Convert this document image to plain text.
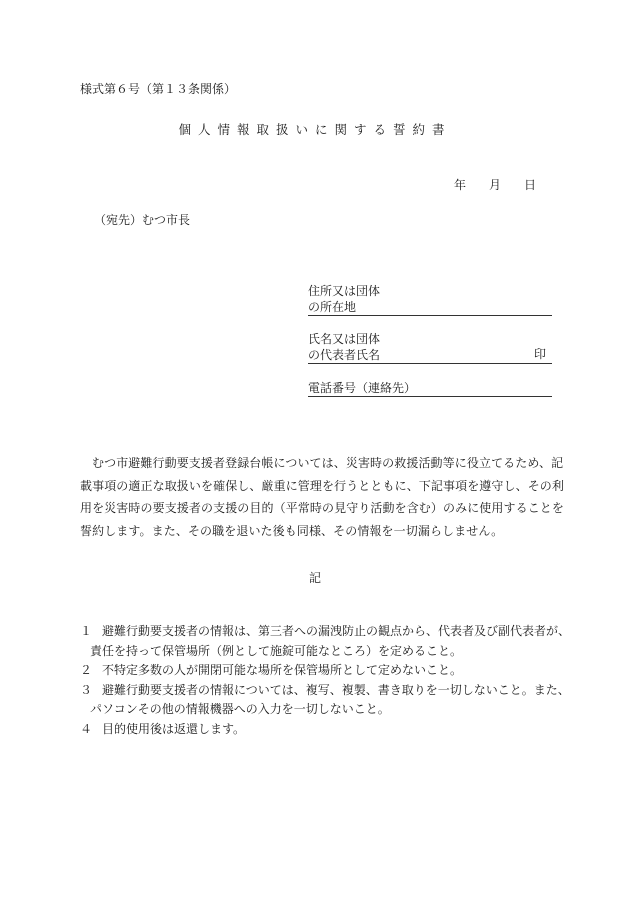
様式第６号（第１３条関係）
個人情報取扱いに関する誓約書
年 月 日
（宛先）むつ市長
住所又は団体
の所在地
氏名又は団体
の代表者氏名	印
電話番号（連絡先）
むつ市避難行動要支援者登録台帳については、災害時の救援活動等に役立てるため、記
載事項の適正な取扱いを確保し、厳重に管理を行うとともに、下記事項を遵守し、その利
用を災害時の要支援者の支援の目的（平常時の見守り活動を含む）のみに使用することを
誓約します。また、その職を退いた後も同様、その情報を一切漏らしません。
記
１ 避難行動要支援者の情報は、第三者への漏洩防止の観点から、代表者及び副代表者が、
責任を持って保管場所（例として施錠可能なところ）を定めること。
２ 不特定多数の人が開閉可能な場所を保管場所として定めないこと。
３ 避難行動要支援者の情報については、複写、複製、書き取りを一切しないこと。また、
パソコンその他の情報機器への入力を一切しないこと。
４ 目的使用後は返還します。
